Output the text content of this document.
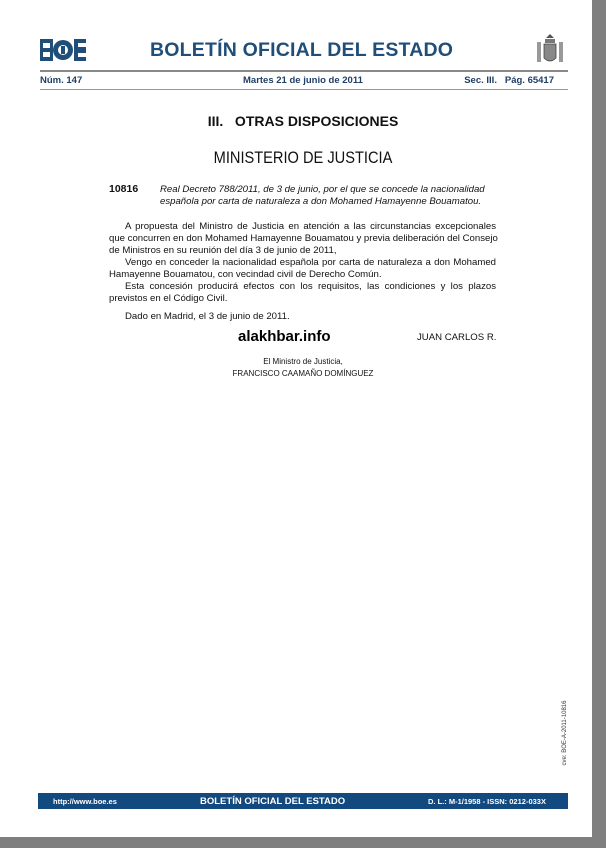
BOLETÍN OFICIAL DEL ESTADO
Núm. 147	Martes 21 de junio de 2011	Sec. III.   Pág. 65417
III.   OTRAS DISPOSICIONES
MINISTERIO DE JUSTICIA
10816 Real Decreto 788/2011, de 3 de junio, por el que se concede la nacionalidad
española por carta de naturaleza a don Mohamed Hamayenne Bouamatou.
A propuesta del Ministro de Justicia en atención a las circunstancias excepcionales
que concurren en don Mohamed Hamayenne Bouamatou y previa deliberación del Consejo
de Ministros en su reunión del día 3 de junio de 2011,
Vengo en conceder la nacionalidad española por carta de naturaleza a don Mohamed
Hamayenne Bouamatou, con vecindad civil de Derecho Común.
Esta concesión producirá efectos con los requisitos, las condiciones y los plazos
previstos en el Código Civil.
Dado en Madrid, el 3 de junio de 2011.
alakhbar.info	JUAN CARLOS R.
El Ministro de Justicia,
FRANCISCO CAAMAÑO DOMÍNGUEZ
cve: BOE-A-2011-10816
http://www.boe.es	BOLETÍN OFICIAL DEL ESTADO	D. L.: M-1/1958 - ISSN: 0212-033X
